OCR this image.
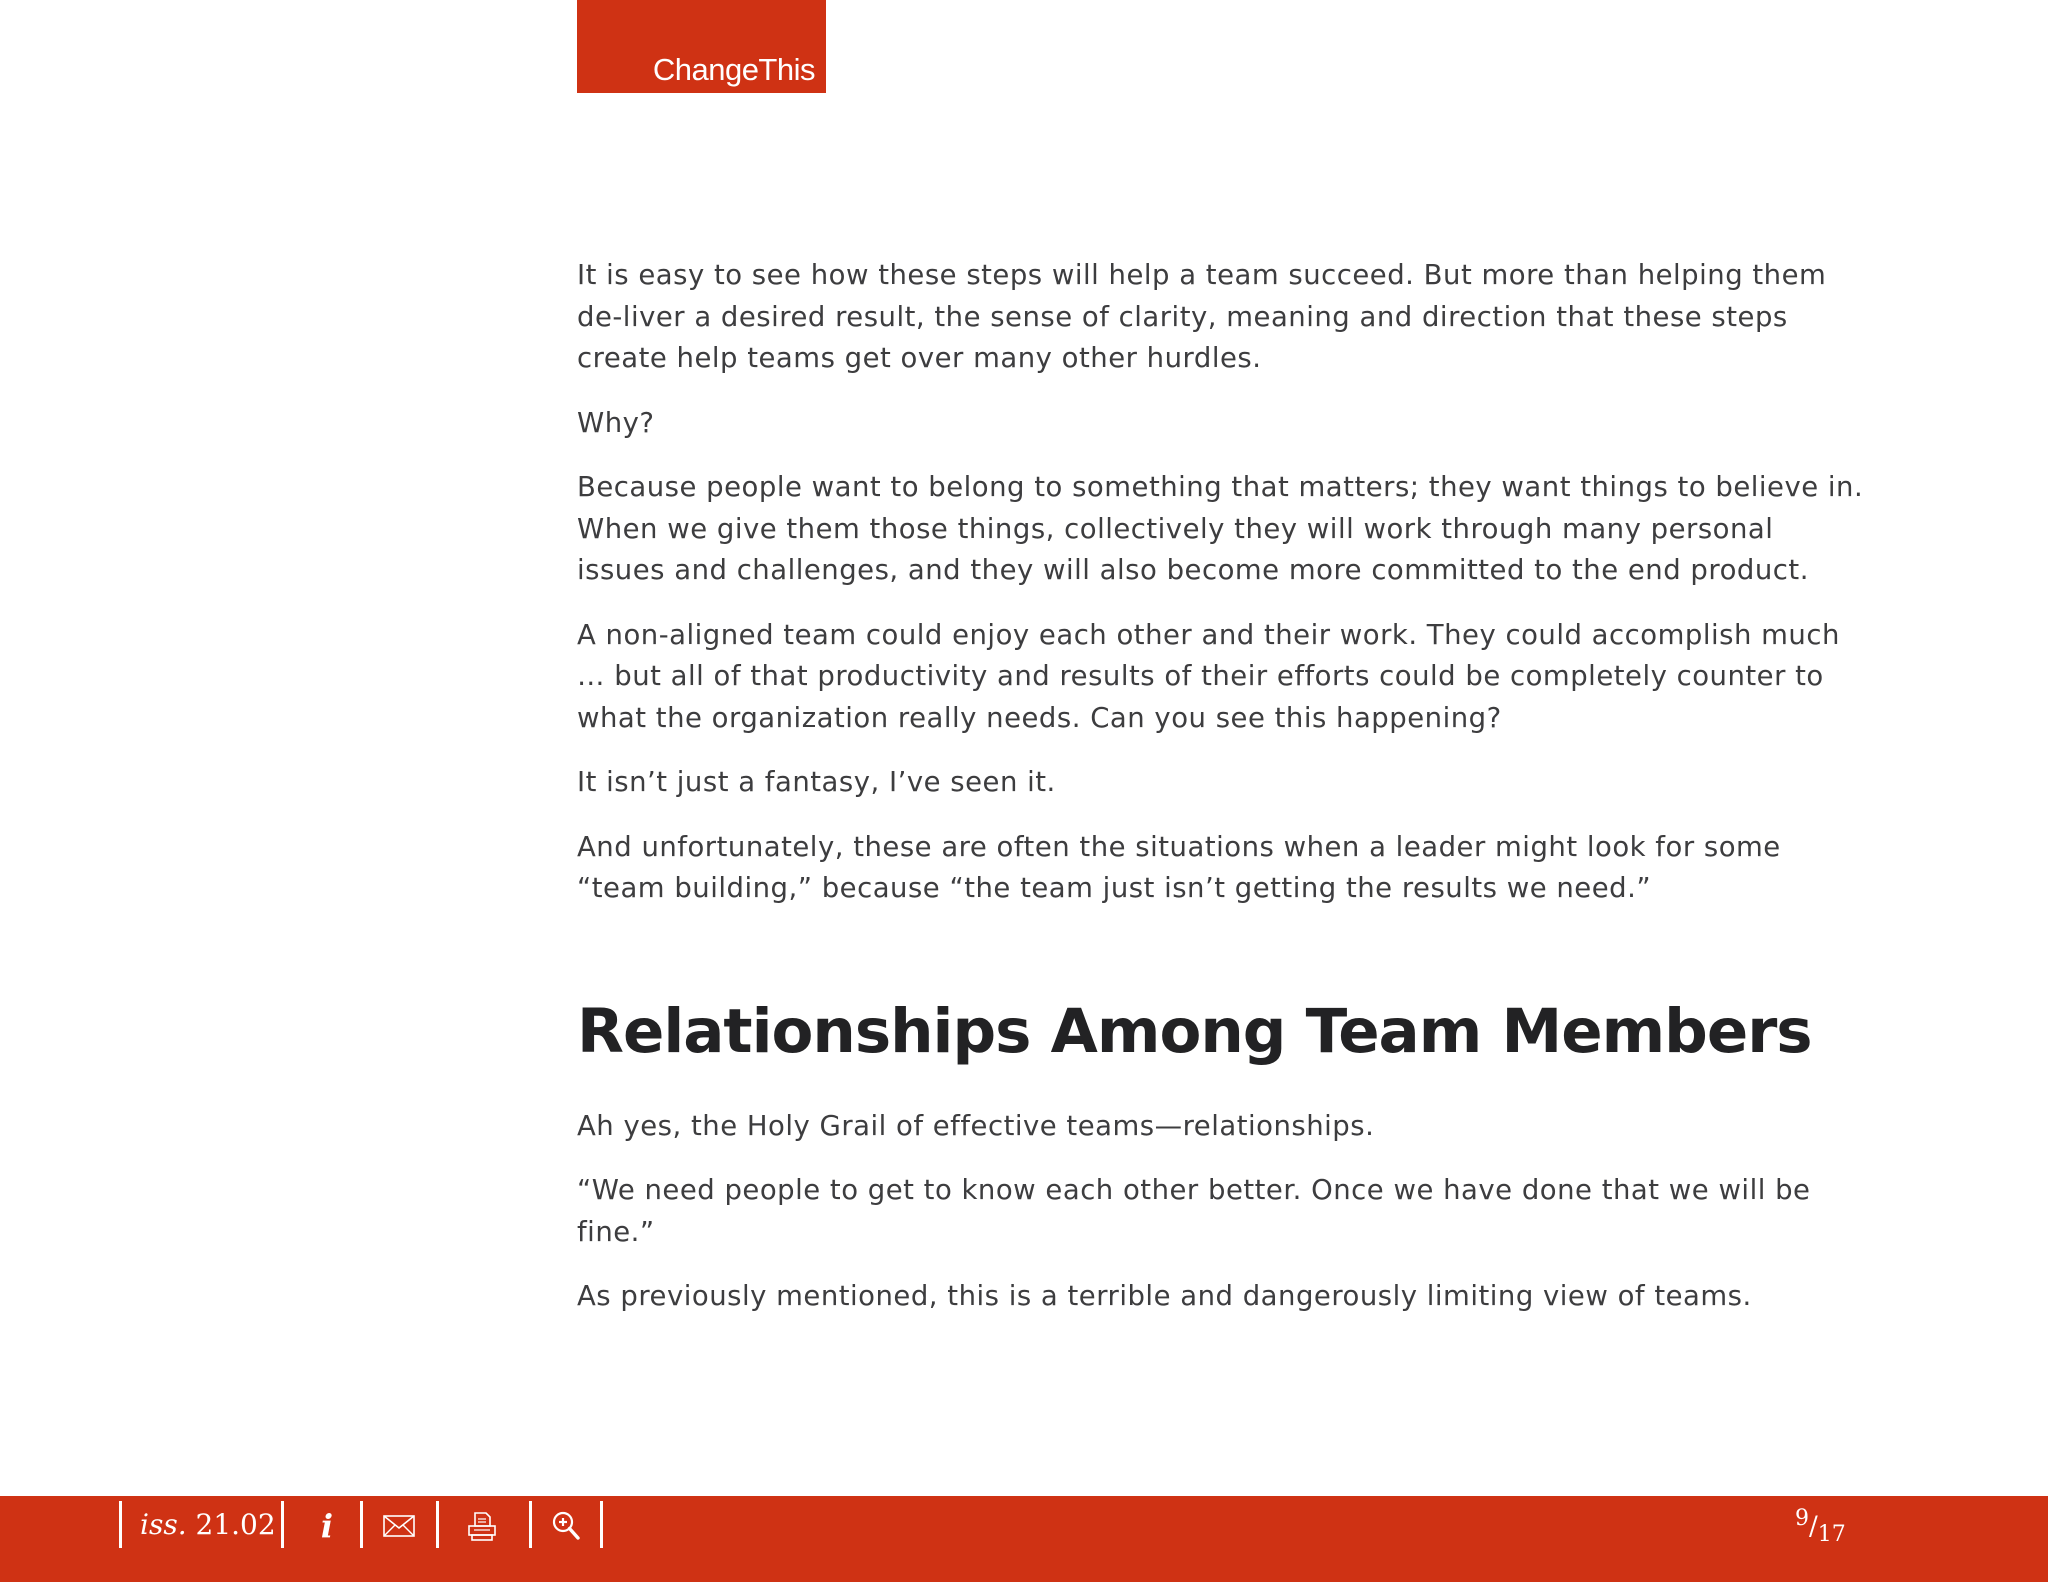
ChangeThis

It is easy to see how these steps will help a team succeed. But more than helping them de-liver a desired result, the sense of clarity, meaning and direction that these steps create help teams get over many other hurdles.

Why?

Because people want to belong to something that matters; they want things to believe in. When we give them those things, collectively they will work through many personal issues and challenges, and they will also become more committed to the end product.

A non-aligned team could enjoy each other and their work. They could accomplish much … but all of that productivity and results of their efforts could be completely counter to what the organization really needs. Can you see this happening?

It isn’t just a fantasy, I’ve seen it.

And unfortunately, these are often the situations when a leader might look for some “team building,” because “the team just isn’t getting the results we need.”

Relationships Among Team Members

Ah yes, the Holy Grail of effective teams—relationships.

“We need people to get to know each other better. Once we have done that we will be fine.”

As previously mentioned, this is a terrible and dangerously limiting view of teams.

iss. 21.02 i	$^9/_{17}$
